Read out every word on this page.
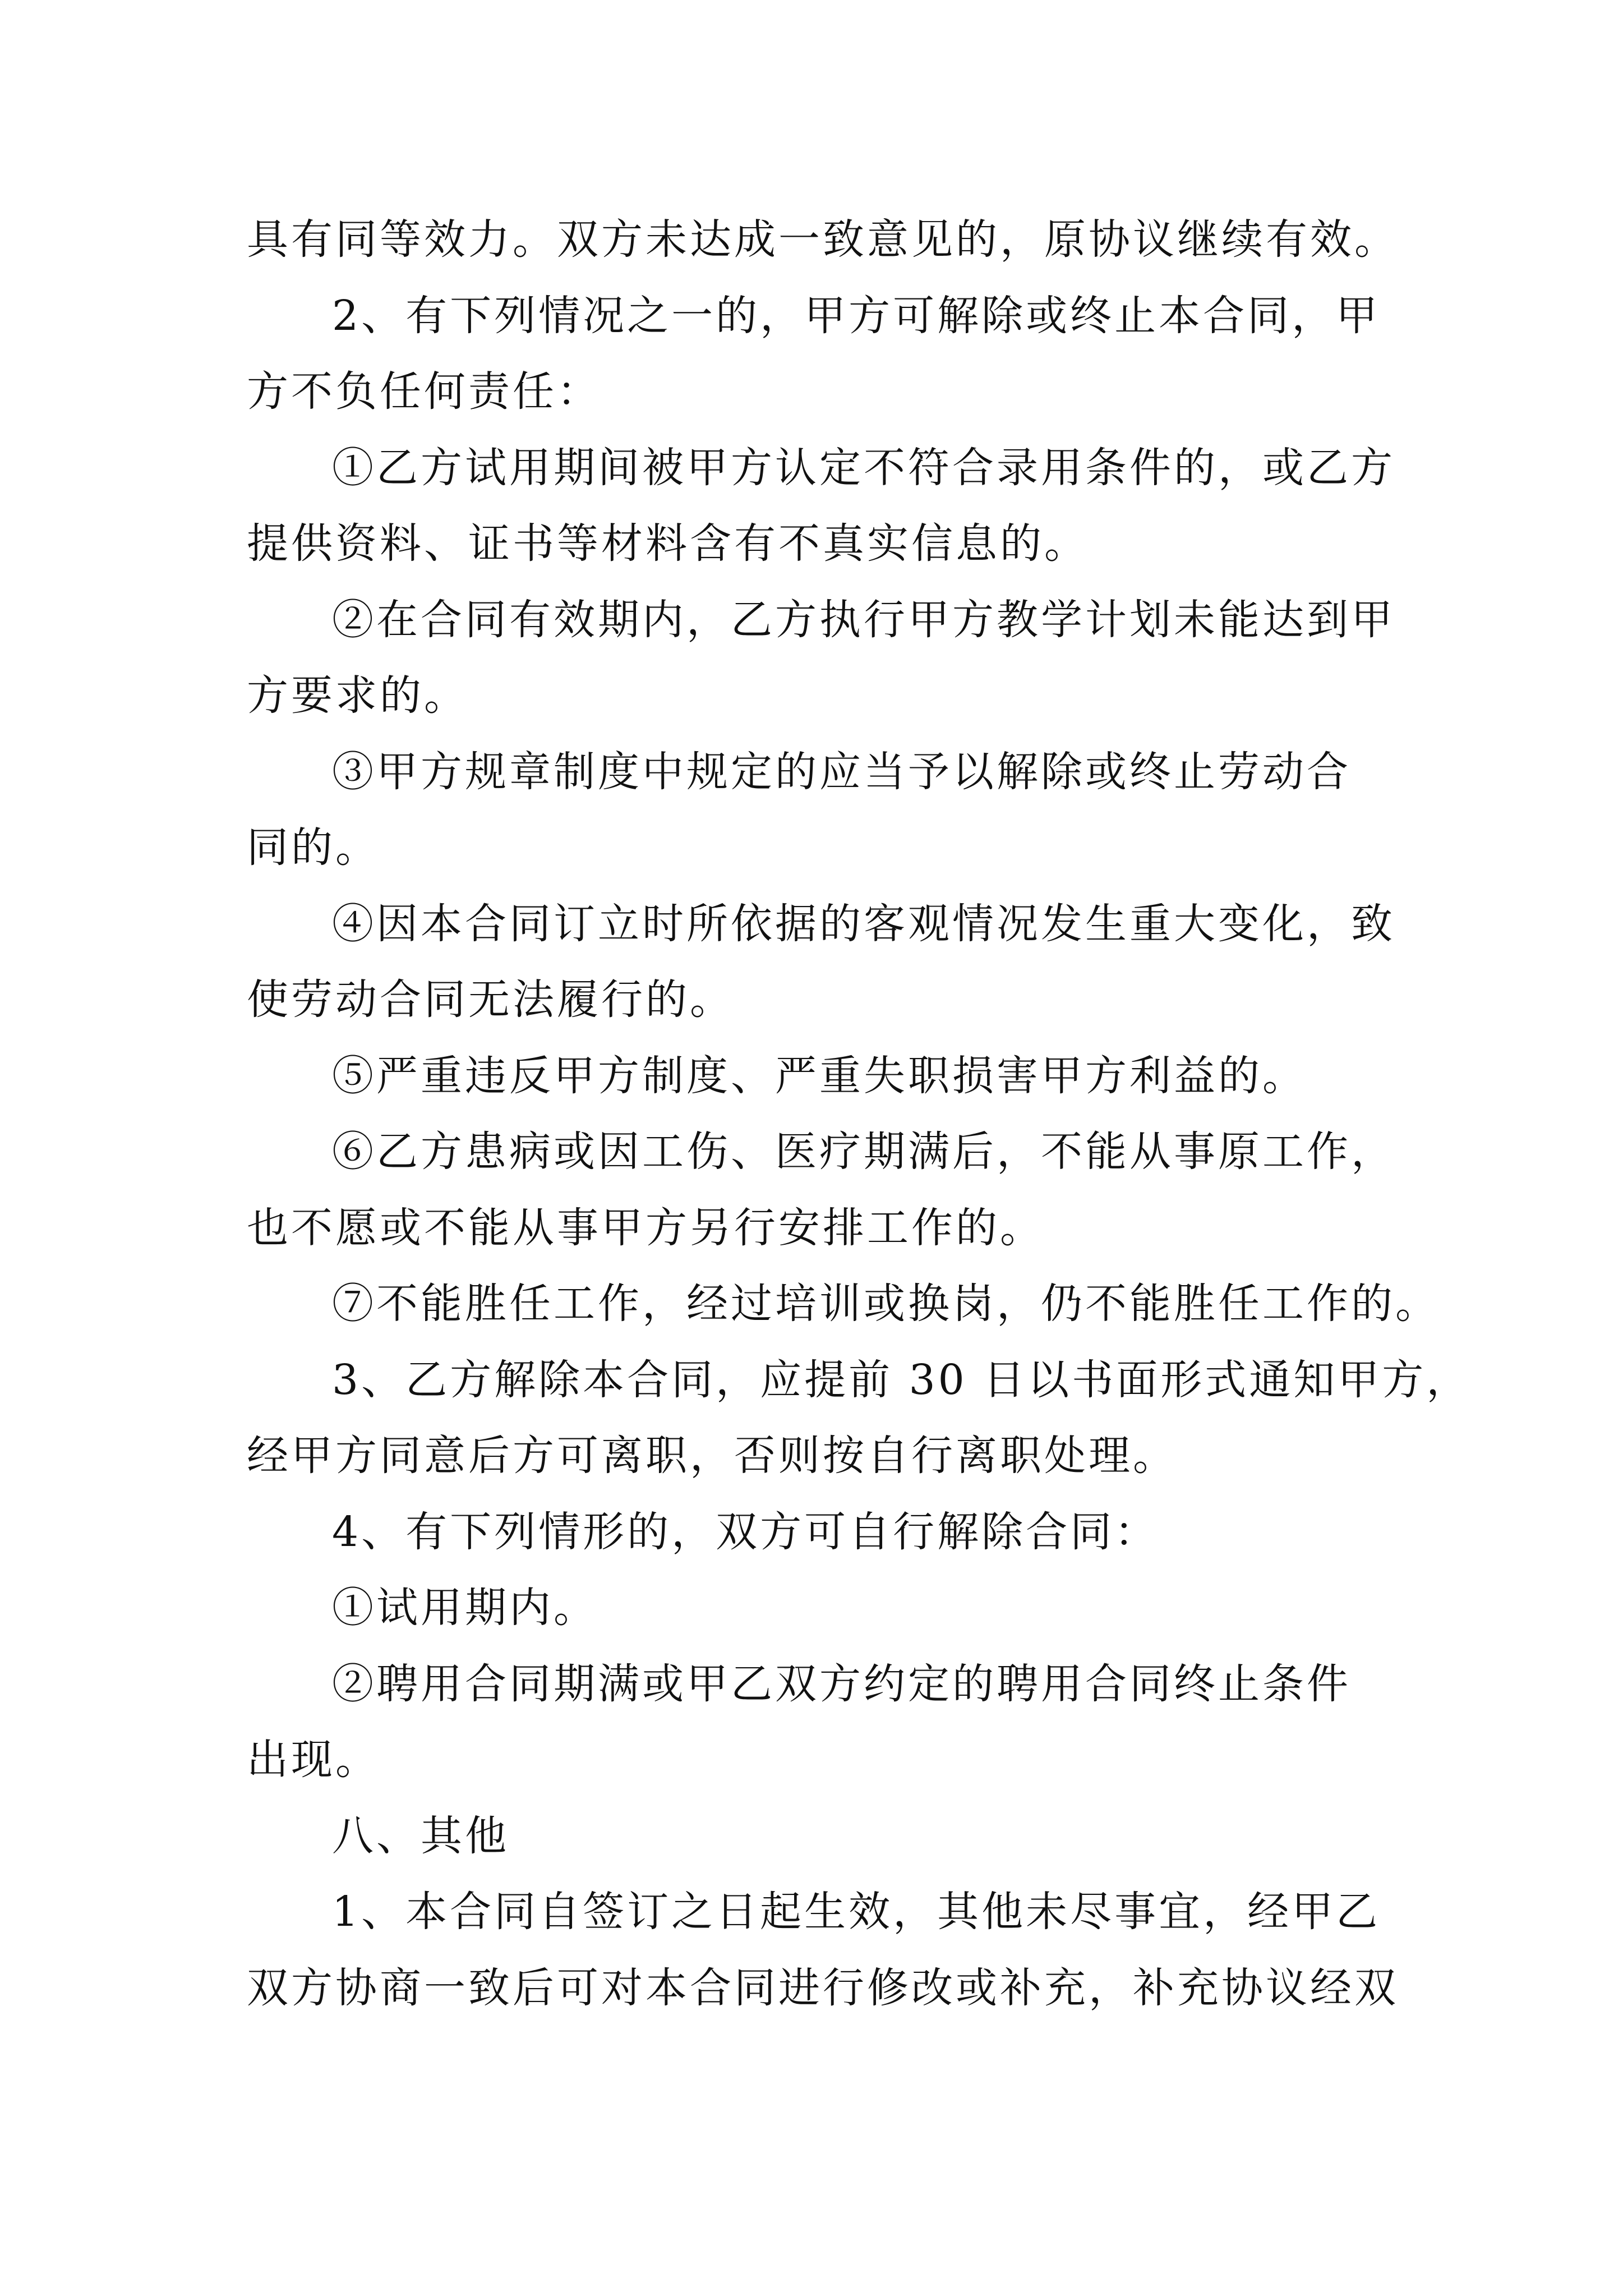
具有同等效力。双方未达成一致意见的，原协议继续有效。
2、有下列情况之一的，甲方可解除或终止本合同，甲
方不负任何责任：
①乙方试用期间被甲方认定不符合录用条件的，或乙方
提供资料、证书等材料含有不真实信息的。
②在合同有效期内，乙方执行甲方教学计划未能达到甲
方要求的。
③甲方规章制度中规定的应当予以解除或终止劳动合
同的。
④因本合同订立时所依据的客观情况发生重大变化，致
使劳动合同无法履行的。
⑤严重违反甲方制度、严重失职损害甲方利益的。
⑥乙方患病或因工伤、医疗期满后，不能从事原工作，
也不愿或不能从事甲方另行安排工作的。
⑦不能胜任工作，经过培训或换岗，仍不能胜任工作的。
3、乙方解除本合同，应提前 30 日以书面形式通知甲方，
经甲方同意后方可离职，否则按自行离职处理。
4、有下列情形的，双方可自行解除合同：
①试用期内。
②聘用合同期满或甲乙双方约定的聘用合同终止条件
出现。
八、其他
1、本合同自签订之日起生效，其他未尽事宜，经甲乙
双方协商一致后可对本合同进行修改或补充，补充协议经双
